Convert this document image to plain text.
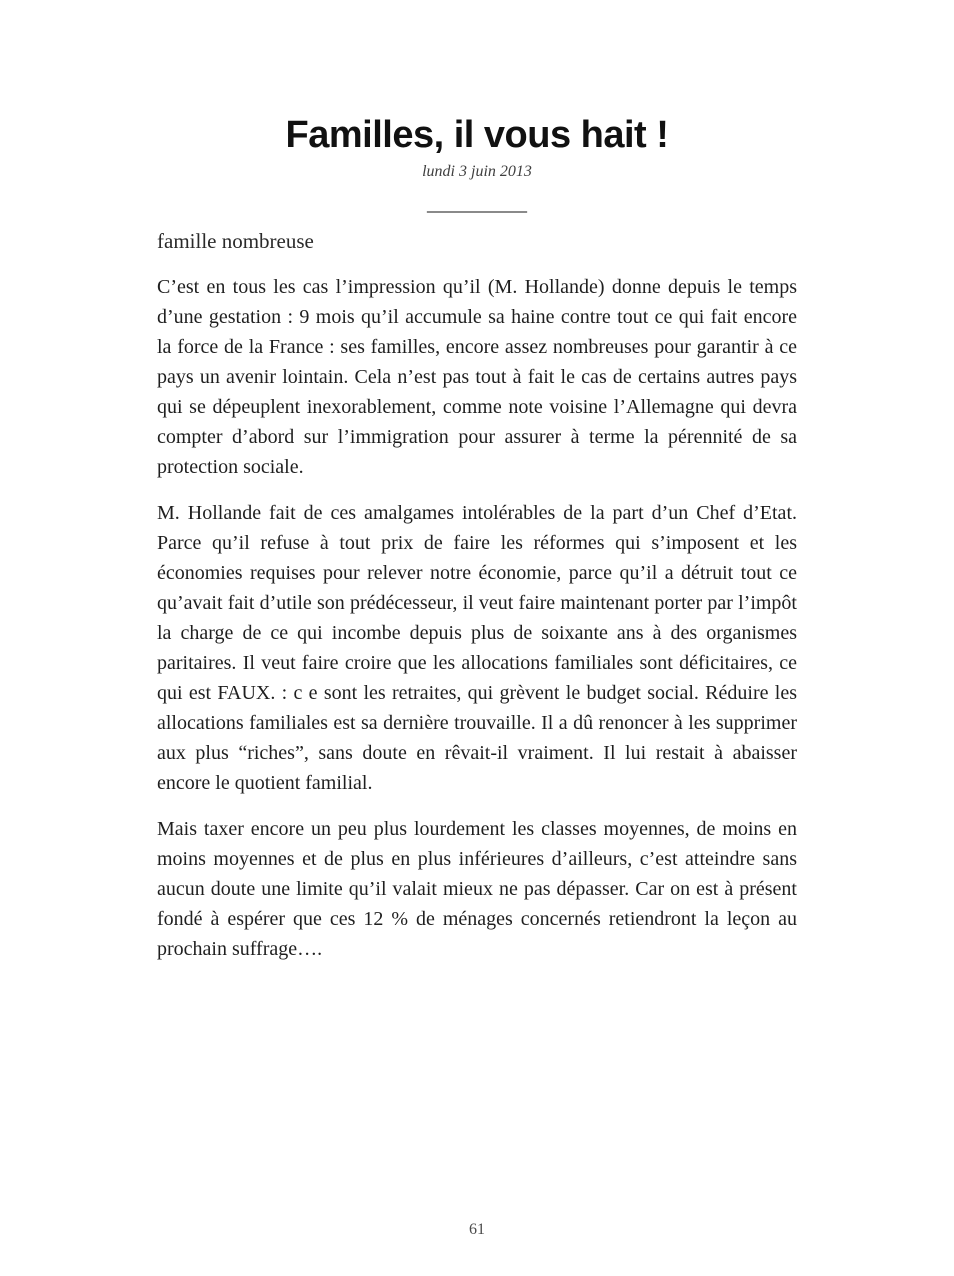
Familles, il vous hait !
lundi 3 juin 2013
__________

famille nombreuse

C’est en tous les cas l’impression qu’il (M. Hollande) donne depuis le temps d’une gestation : 9 mois qu’il accumule sa haine contre tout ce qui fait encore la force de la France : ses familles, encore assez nombreuses pour garantir à ce pays un avenir lointain. Cela n’est pas tout à fait le cas de certains autres pays qui se dépeuplent inexorablement, comme note voisine l’Allemagne qui devra compter d’abord sur l’immigration pour assurer à terme la pérennité de sa protection sociale.

M. Hollande fait de ces amalgames intolérables de la part d’un Chef d’Etat. Parce qu’il refuse à tout prix de faire les réformes qui s’imposent et les économies requises pour relever notre économie, parce qu’il a détruit tout ce qu’avait fait d’utile son prédécesseur, il veut faire maintenant porter par l’impôt la charge de ce qui incombe depuis plus de soixante ans à des organismes paritaires. Il veut faire croire que les allocations familiales sont déficitaires, ce qui est FAUX. : c e sont les retraites, qui grèvent le budget social. Réduire les allocations familiales est sa dernière trouvaille. Il a dû renoncer à les supprimer aux plus “riches”, sans doute en rêvait-il vraiment. Il lui restait à abaisser encore le quotient familial.

Mais taxer encore un peu plus lourdement les classes moyennes, de moins en moins moyennes et de plus en plus inférieures d’ailleurs, c’est atteindre sans aucun doute une limite qu’il valait mieux ne pas dépasser. Car on est à présent fondé à espérer que ces 12 % de ménages concernés retiendront la leçon au prochain suffrage….

61
